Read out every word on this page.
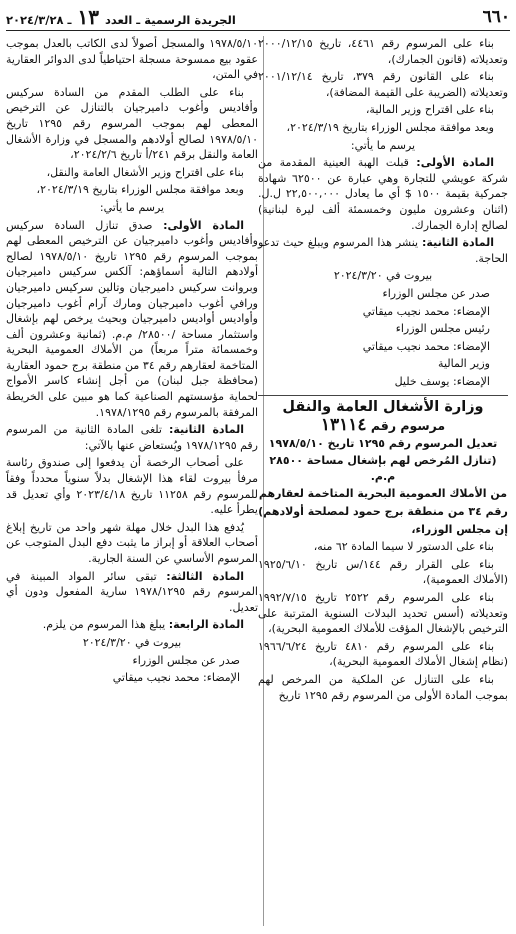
٦٦٠
الجريدة الرسمية ـ العدد ١٣ ـ ٢٠٢٤/٣/٢٨

بناء على المرسوم رقم ٤٤٦١، تاريخ ٢٠٠٠/١٢/١٥ وتعديلاته (قانون الجمارك)،

بناء على القانون رقم ٣٧٩، تاريخ ٢٠٠١/١٢/١٤ وتعديلاته (الضريبة على القيمة المضافة)،

بناء على اقتراح وزير المالية،

وبعد موافقة مجلس الوزراء بتاريخ ٢٠٢٤/٣/١٩،

يرسم ما يأتي:

المادة الأولى: قبلت الهبة العينية المقدمة من شركة عويشي للتجارة وهي عبارة عن ٦٢٥٠٠ شهادة جمركية بقيمة ١٥٠٠ $ أي ما يعادل ٢٢,٥٠٠,٠٠٠ ل.ل. (اثنان وعشرون مليون وخمسمئة ألف ليرة لبنانية) لصالح إدارة الجمارك.

المادة الثانية: ينشر هذا المرسوم ويبلغ حيث تدعو الحاجة.

بيروت في ٢٠٢٤/٣/٢٠

صدر عن مجلس الوزراء

الإمضاء: محمد نجيب ميقاتي

رئيس مجلس الوزراء

الإمضاء: محمد نجيب ميقاتي

وزير المالية

الإمضاء: يوسف خليل

وزارة الأشغال العامة والنقل

مرسوم رقم ١٣١١٤

تعديل المرسوم رقم ١٢٩٥ تاريخ ١٩٧٨/٥/١٠

(تنازل المُرخص لهم بإشغال مساحة ٢٨٥٠٠ م.م.

من الأملاك العمومية البحرية المتاخمة لعقارهم

رقم ٣٤ من منطقة برج حمود لمصلحة أولادهم)

إن مجلس الوزراء،

بناء على الدستور لا سيما المادة ٦٢ منه،

بناء على القرار رقم ١٤٤/س تاريخ ١٩٢٥/٦/١٠ (الأملاك العمومية)،

بناء على المرسوم رقم ٢٥٢٢ تاريخ ١٩٩٢/٧/١٥ وتعديلاته (أسس تحديد البدلات السنوية المترتبة على الترخيص بالإشغال المؤقت للأملاك العمومية البحرية)،

بناء على المرسوم رقم ٤٨١٠ تاريخ ١٩٦٦/٦/٢٤ (نظام إشغال الأملاك العمومية البحرية)،

بناء على التنازل عن الملكية من المرخص لهم بموجب المادة الأولى من المرسوم رقم ١٢٩٥ تاريخ

١٩٧٨/٥/١٠ والمسجل أصولاً لدى الكاتب بالعدل بموجب عقود بيع ممسوحة مسجلة احتياطياً لدى الدوائر العقارية في المتن،

بناء على الطلب المقدم من السادة سركيس وأفاديس وأغوب داميرجيان بالتنازل عن الترخيص المعطى لهم بموجب المرسوم رقم ١٢٩٥ تاريخ ١٩٧٨/٥/١٠ لصالح أولادهم والمسجل في وزارة الأشغال العامة والنقل برقم ٢٤١/أ تاريخ ٢٠٢٤/٢/٦،

بناء على اقتراح وزير الأشغال العامة والنقل،

وبعد موافقة مجلس الوزراء بتاريخ ٢٠٢٤/٣/١٩،

يرسم ما يأتي:

المادة الأولى: صدق تنازل السادة سركيس وأفاديس وأغوب داميرجيان عن الترخيص المعطى لهم بموجب المرسوم رقم ١٢٩٥ تاريخ ١٩٧٨/٥/١٠ لصالح أولادهم التالية أسماؤهم: آلكس سركيس داميرجيان وبروانت سركيس داميرجيان وتالين سركيس داميرجيان ورافي أغوب داميرجيان ومارك آرام أغوب داميرجيان وأواديس أواديس داميرجيان وبحيث يرخص لهم بإشغال واستثمار مساحة /٢٨٥٠٠/ م.م. (ثمانية وعشرون ألف وخمسمائة متراً مربعاً) من الأملاك العمومية البحرية المتاخمة لعقارهم رقم ٣٤ من منطقة برج حمود العقارية (محافظة جبل لبنان) من أجل إنشاء كاسر الأمواج لحماية مؤسستهم الصناعية كما هو مبين على الخريطة المرفقة بالمرسوم رقم ١٩٧٨/١٢٩٥.

المادة الثانية: تلغى المادة الثانية من المرسوم رقم ١٩٧٨/١٢٩٥ ويُستعاض عنها بالآتي:

على أصحاب الرخصة أن يدفعوا إلى صندوق رئاسة مرفأ بيروت لقاء هذا الإشغال بدلاً سنوياً محدداً وفقاً للمرسوم رقم ١١٢٥٨ تاريخ ٢٠٢٣/٤/١٨ وأي تعديل قد يطرأ عليه.

يُدفع هذا البدل خلال مهلة شهر واحد من تاريخ إبلاغ أصحاب العلاقة أو إبراز ما يثبت دفع البدل المتوجب عن المرسوم الأساسي عن السنة الجارية.

المادة الثالثة: تبقى سائر المواد المبينة في المرسوم رقم ١٩٧٨/١٢٩٥ سارية المفعول ودون أي تعديل.

المادة الرابعة: يبلغ هذا المرسوم من يلزم.

بيروت في ٢٠٢٤/٣/٢٠

صدر عن مجلس الوزراء

الإمضاء: محمد نجيب ميقاتي
